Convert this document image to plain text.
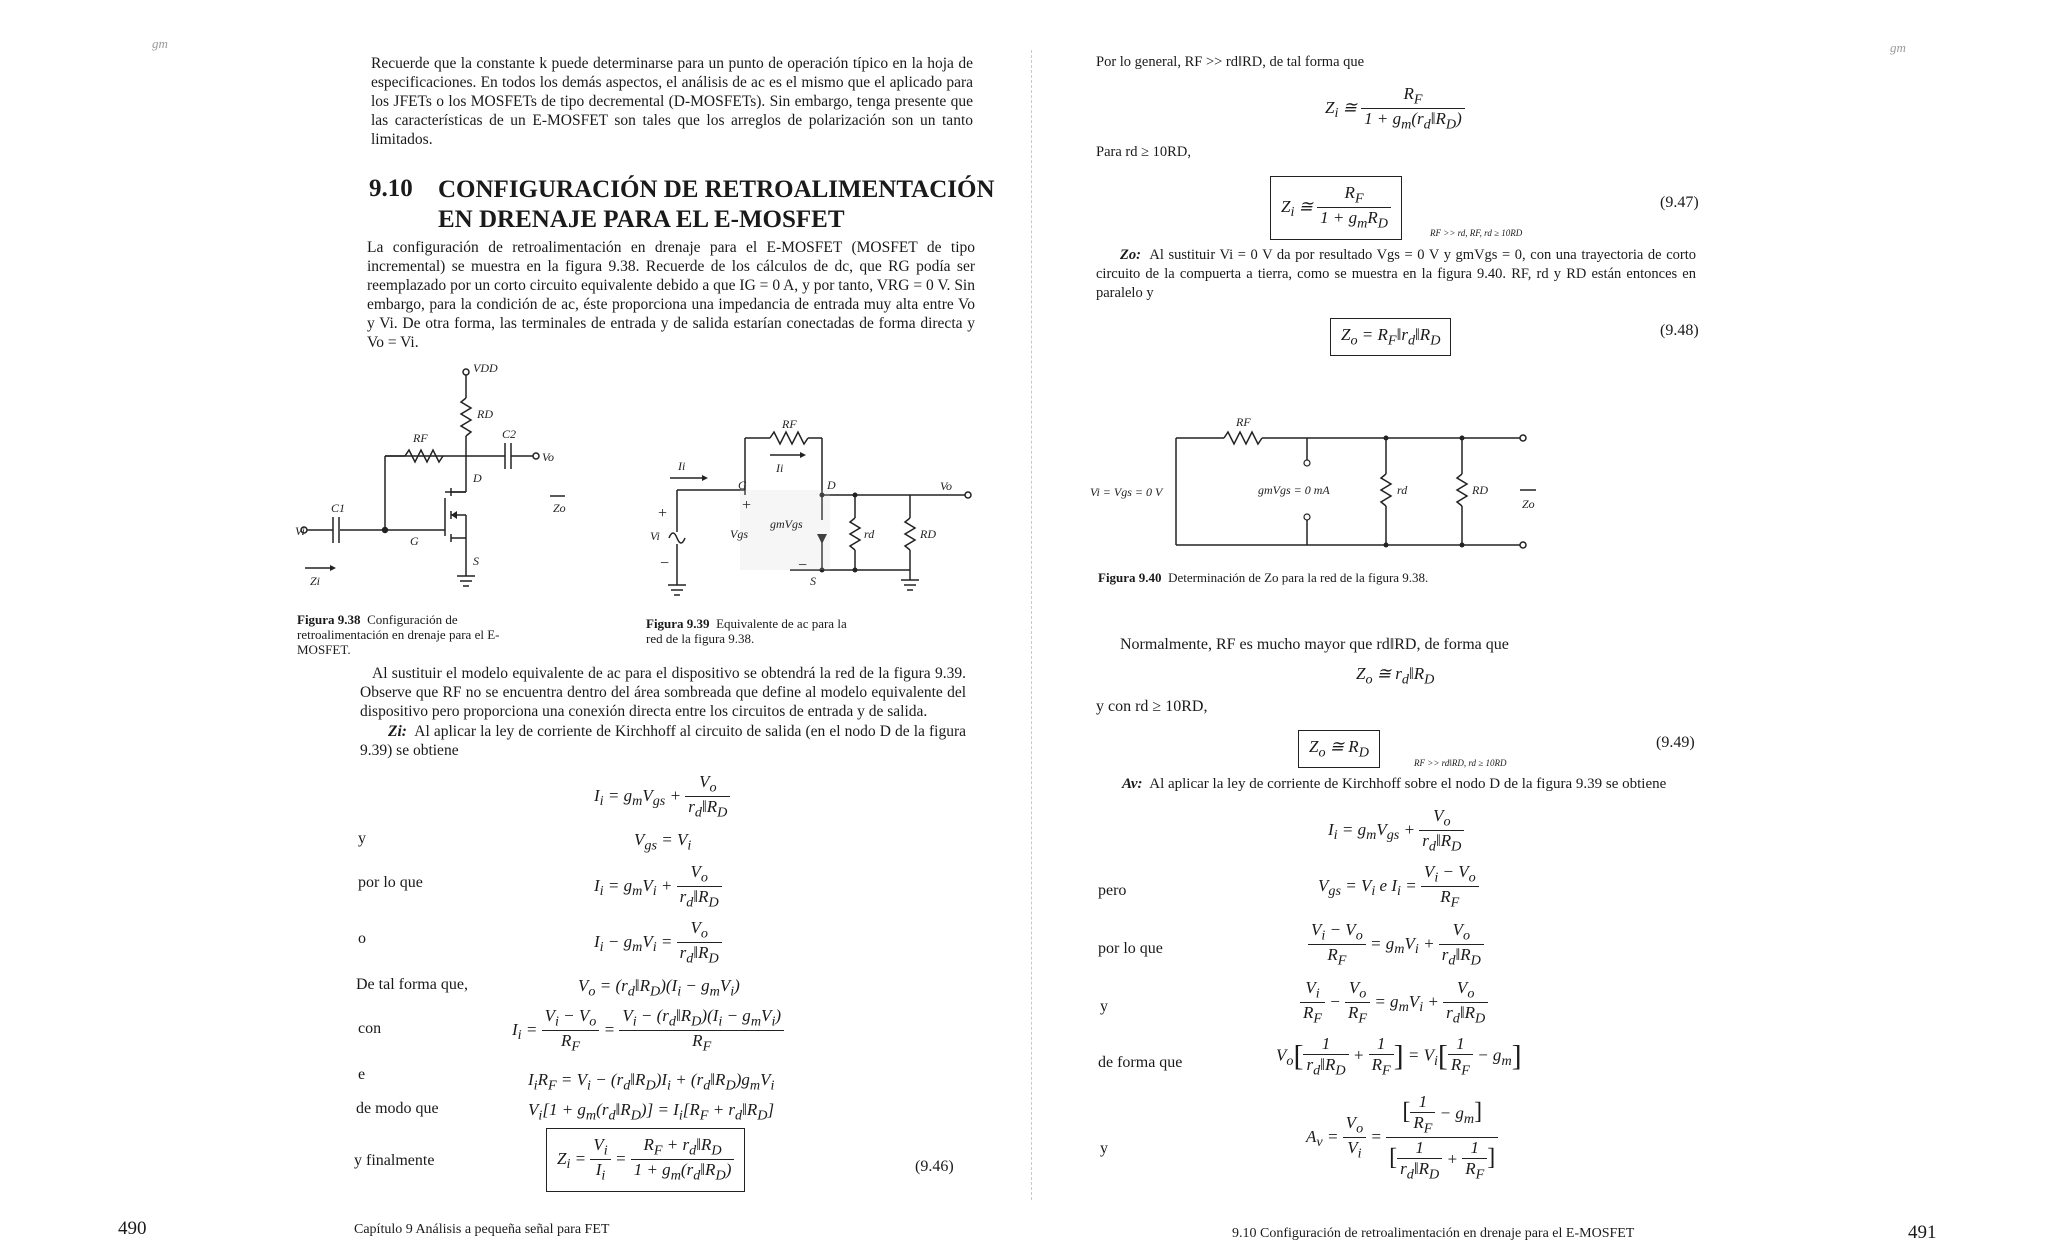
gm
Recuerde que la constante k puede determinarse para un punto de operación típico en la hoja de especificaciones. En todos los demás aspectos, el análisis de ac es el mismo que el aplicado para los JFETs o los MOSFETs de tipo decremental (D-MOSFETs). Sin embargo, tenga presente que las características de un E-MOSFET son tales que los arreglos de polarización son un tanto limitados.
9.10 CONFIGURACIÓN DE RETROALIMENTACIÓN
EN DRENAJE PARA EL E-MOSFET
La configuración de retroalimentación en drenaje para el E-MOSFET (MOSFET de tipo incremental) se muestra en la figura 9.38. Recuerde de los cálculos de dc, que RG podía ser reemplazado por un corto circuito equivalente debido a que IG = 0 A, y por tanto, VRG = 0 V. Sin embargo, para la condición de ac, éste proporciona una impedancia de entrada muy alta entre Vo y Vi. De otra forma, las terminales de entrada y de salida estarían conectadas de forma directa y Vo = Vi.
VDD
RD
RF	C2
Vo
D
C1
Vi
G
S
Zi
Zo
RF
Ii
Ii
G	D
Vi	Vgs
gmVgs
rd	RD
S
Vo
+
−
+
−
Figura 9.38 Configuración de retroalimentación en drenaje para el E-MOSFET.
Figura 9.39 Equivalente de ac para la red de la figura 9.38.
Al sustituir el modelo equivalente de ac para el dispositivo se obtendrá la red de la figura 9.39. Observe que RF no se encuentra dentro del área sombreada que define al modelo equivalente del dispositivo pero proporciona una conexión directa entre los circuitos de entrada y de salida.
Zi: Al aplicar la ley de corriente de Kirchhoff al circuito de salida (en el nodo D de la figura 9.39) se obtiene
$I_i = g_mV_{gs} + \frac{V_o}{r_d‖R_D}$
y	$V_{gs} = V_i$
por lo que	$I_i = g_mV_i + \frac{V_o}{r_d‖R_D}$
o	$I_i - g_mV_i = \frac{V_o}{r_d‖R_D}$
De tal forma que,	$V_o$ = $(r_d‖R_D)(I_i - g_mV_i)$
con	$I_i = \frac{V_i - V_o}{R_F} = \frac{V_i - (r_d‖R_D)(I_i - g_mV_i)}{R_F}$
e	$I_iR_F = V_i$ − $(r_d‖R_D)I_i$ + $(r_d‖R_D)g_mV_i$
de modo que	$V_i[1$ + $g_m(r_d‖R_D)] = I_i[R_F$ + $r_d‖R_D$]
y finalmente	$Z_i = \frac{V_i}{I_i} = \frac{R_F + r_d‖R_D}{1 + g_m(r_d‖R_D)}$	(9.46)
490	Capítulo 9 Análisis a pequeña señal para FET
gm
Por lo general, RF >> rd‖RD, de tal forma que
$Z_i$ ≅ $\frac{R_F}{1 + g_m(r_d‖R_D)}$
Para rd ≥ 10RD,
$Z_i$ ≅ $\frac{R_F}{1 + g_mR_D}$
RF >> rd, RF, rd ≥ 10RD
(9.47)
Zo: Al sustituir Vi = 0 V da por resultado Vgs = 0 V y gmVgs = 0, con una trayectoria de corto circuito de la compuerta a tierra, como se muestra en la figura 9.40. RF, rd y RD están entonces en paralelo y
$Z_o$ = $R_F‖r_d‖R_D$
(9.48)
RF
Vi = Vgs = 0 V	gmVgs = 0 mA	rd	RD
Zo
Figura 9.40 Determinación de Zo para la red de la figura 9.38.
Normalmente, RF es mucho mayor que rd‖RD, de forma que
$Z_o$ ≅ $r_d‖R_D$
y con rd ≥ 10RD,
$Z_o$ ≅ $R_D$
RF >> rd‖RD, rd ≥ 10RD
(9.49)
Av: Al aplicar la ley de corriente de Kirchhoff sobre el nodo D de la figura 9.39 se obtiene
$I_i = g_mV_{gs} + \frac{V_o}{r_d‖R_D}$
pero	$V_{gs} = V_i$ e $I_i = \frac{V_i - V_o}{R_F}$
por lo que	$\frac{V_i - V_o}{R_F} = g_mV_i + \frac{V_o}{r_d‖R_D}$
y	$\frac{V_i}{R_F} - \frac{V_o}{R_F} = g_mV_i + \frac{V_o}{r_d‖R_D}$
de forma que	$V_o[ \frac{1}{r_d‖R_D} + \frac{1}{R_F}$ ] = $V_i[ \frac{1}{R_F} - g_m]$
y
$A_v = \frac{V_o}{V_i} = \frac{[ \frac{1}{R_F} - g_m]}{[ \frac{1}{r_d‖R_D} + \frac{1}{R_F} ]}$
9.10 Configuración de retroalimentación en drenaje para el E-MOSFET	491
